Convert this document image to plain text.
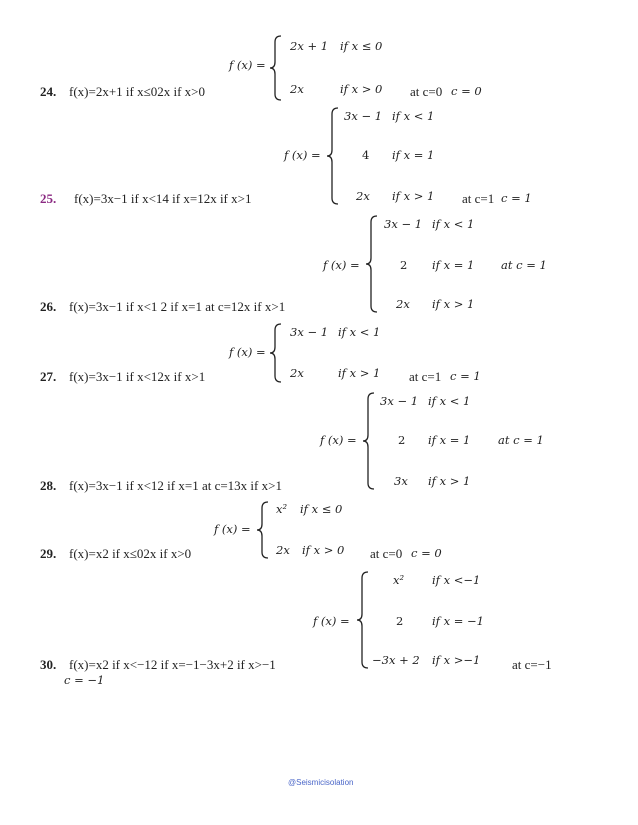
f (x) =
2x + 1 if x ≤ 0
2x	if x > 0
24. f(x)=2x+1 if x≤02x if x>0	at c=0 c = 0
f (x) =
3x − 1 if x < 1
4 if x = 1
2x if x > 1
25. f(x)=3x−1 if x<14 if x=12x if x>1	at c=1 c = 1
f (x) =
3x − 1 if x < 1
2 if x = 1 at c = 1
2x if x > 1
26. f(x)=3x−1 if x<1 2 if x=1 at c=12x if x>1
f (x) =
3x − 1 if x < 1
2x	if x > 1
27. f(x)=3x−1 if x<12x if x>1	at c=1 c = 1
f (x) =
3x − 1 if x < 1
2 if x = 1 at c = 1
3x if x > 1
28. f(x)=3x−1 if x<12 if x=1 at c=13x if x>1
f (x) =
x² if x ≤ 0
2x if x > 0
29. f(x)=x2 if x≤02x if x>0	at c=0 c = 0
f (x) =
x² if x <−1
2 if x = −1
−3x + 2 if x >−1
30. f(x)=x2 if x<−12 if x=−1−3x+2 if x>−1	at c=−1
c = −1
@Seismicisolation
